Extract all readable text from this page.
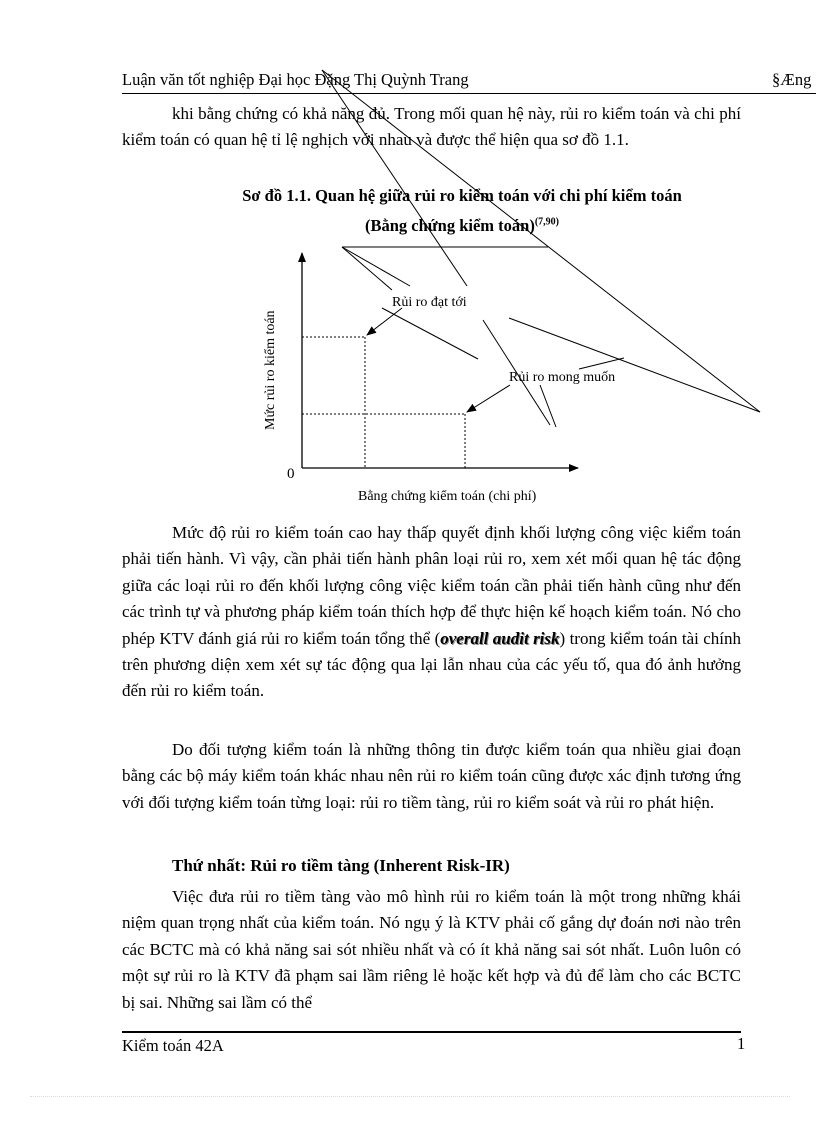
Luận văn tốt nghiệp Đại học Đặng Thị Quỳnh Trang	§Æng

khi bằng chứng có khả năng đủ. Trong mối quan hệ này, rủi ro kiểm toán và chi phí kiểm toán có quan hệ tỉ lệ nghịch với nhau và được thể hiện qua sơ đồ 1.1.

Sơ đồ 1.1. Quan hệ giữa rủi ro kiểm toán với chi phí kiểm toán
(Bằng chứng kiểm toán)$^{(7,90)}$
Rủi ro đạt tới
Rủi ro mong muốn
0
Bằng chứng kiểm toán (chi phí)
Mức rủi ro kiểm toán

Mức độ rủi ro kiểm toán cao hay thấp quyết định khối lượng công việc kiểm toán phải tiến hành. Vì vậy, cần phải tiến hành phân loại rủi ro, xem xét mối quan hệ tác động giữa các loại rủi ro đến khối lượng công việc kiểm toán cần phải tiến hành cũng như đến các trình tự và phương pháp kiểm toán thích hợp để thực hiện kế hoạch kiểm toán. Nó cho phép KTV đánh giá rủi ro kiểm toán tổng thể (overall audit risk) trong kiểm toán tài chính trên phương diện xem xét sự tác động qua lại lẫn nhau của các yếu tố, qua đó ảnh hưởng đến rủi ro kiểm toán.

Do đối tượng kiểm toán là những thông tin được kiểm toán qua nhiều giai đoạn bằng các bộ máy kiểm toán khác nhau nên rủi ro kiểm toán cũng được xác định tương ứng với đối tượng kiểm toán từng loại: rủi ro tiềm tàng, rủi ro kiểm soát và rủi ro phát hiện.

Thứ nhất: Rủi ro tiềm tàng (Inherent Risk-IR)

Việc đưa rủi ro tiềm tàng vào mô hình rủi ro kiểm toán là một trong những khái niệm quan trọng nhất của kiểm toán. Nó ngụ ý là KTV phải cố gắng dự đoán nơi nào trên các BCTC mà có khả năng sai sót nhiều nhất và có ít khả năng sai sót nhất. Luôn luôn có một sự rủi ro là KTV đã phạm sai lầm riêng lẻ hoặc kết hợp và đủ để làm cho các BCTC bị sai. Những sai lầm có thể

Kiểm toán 42A	1
